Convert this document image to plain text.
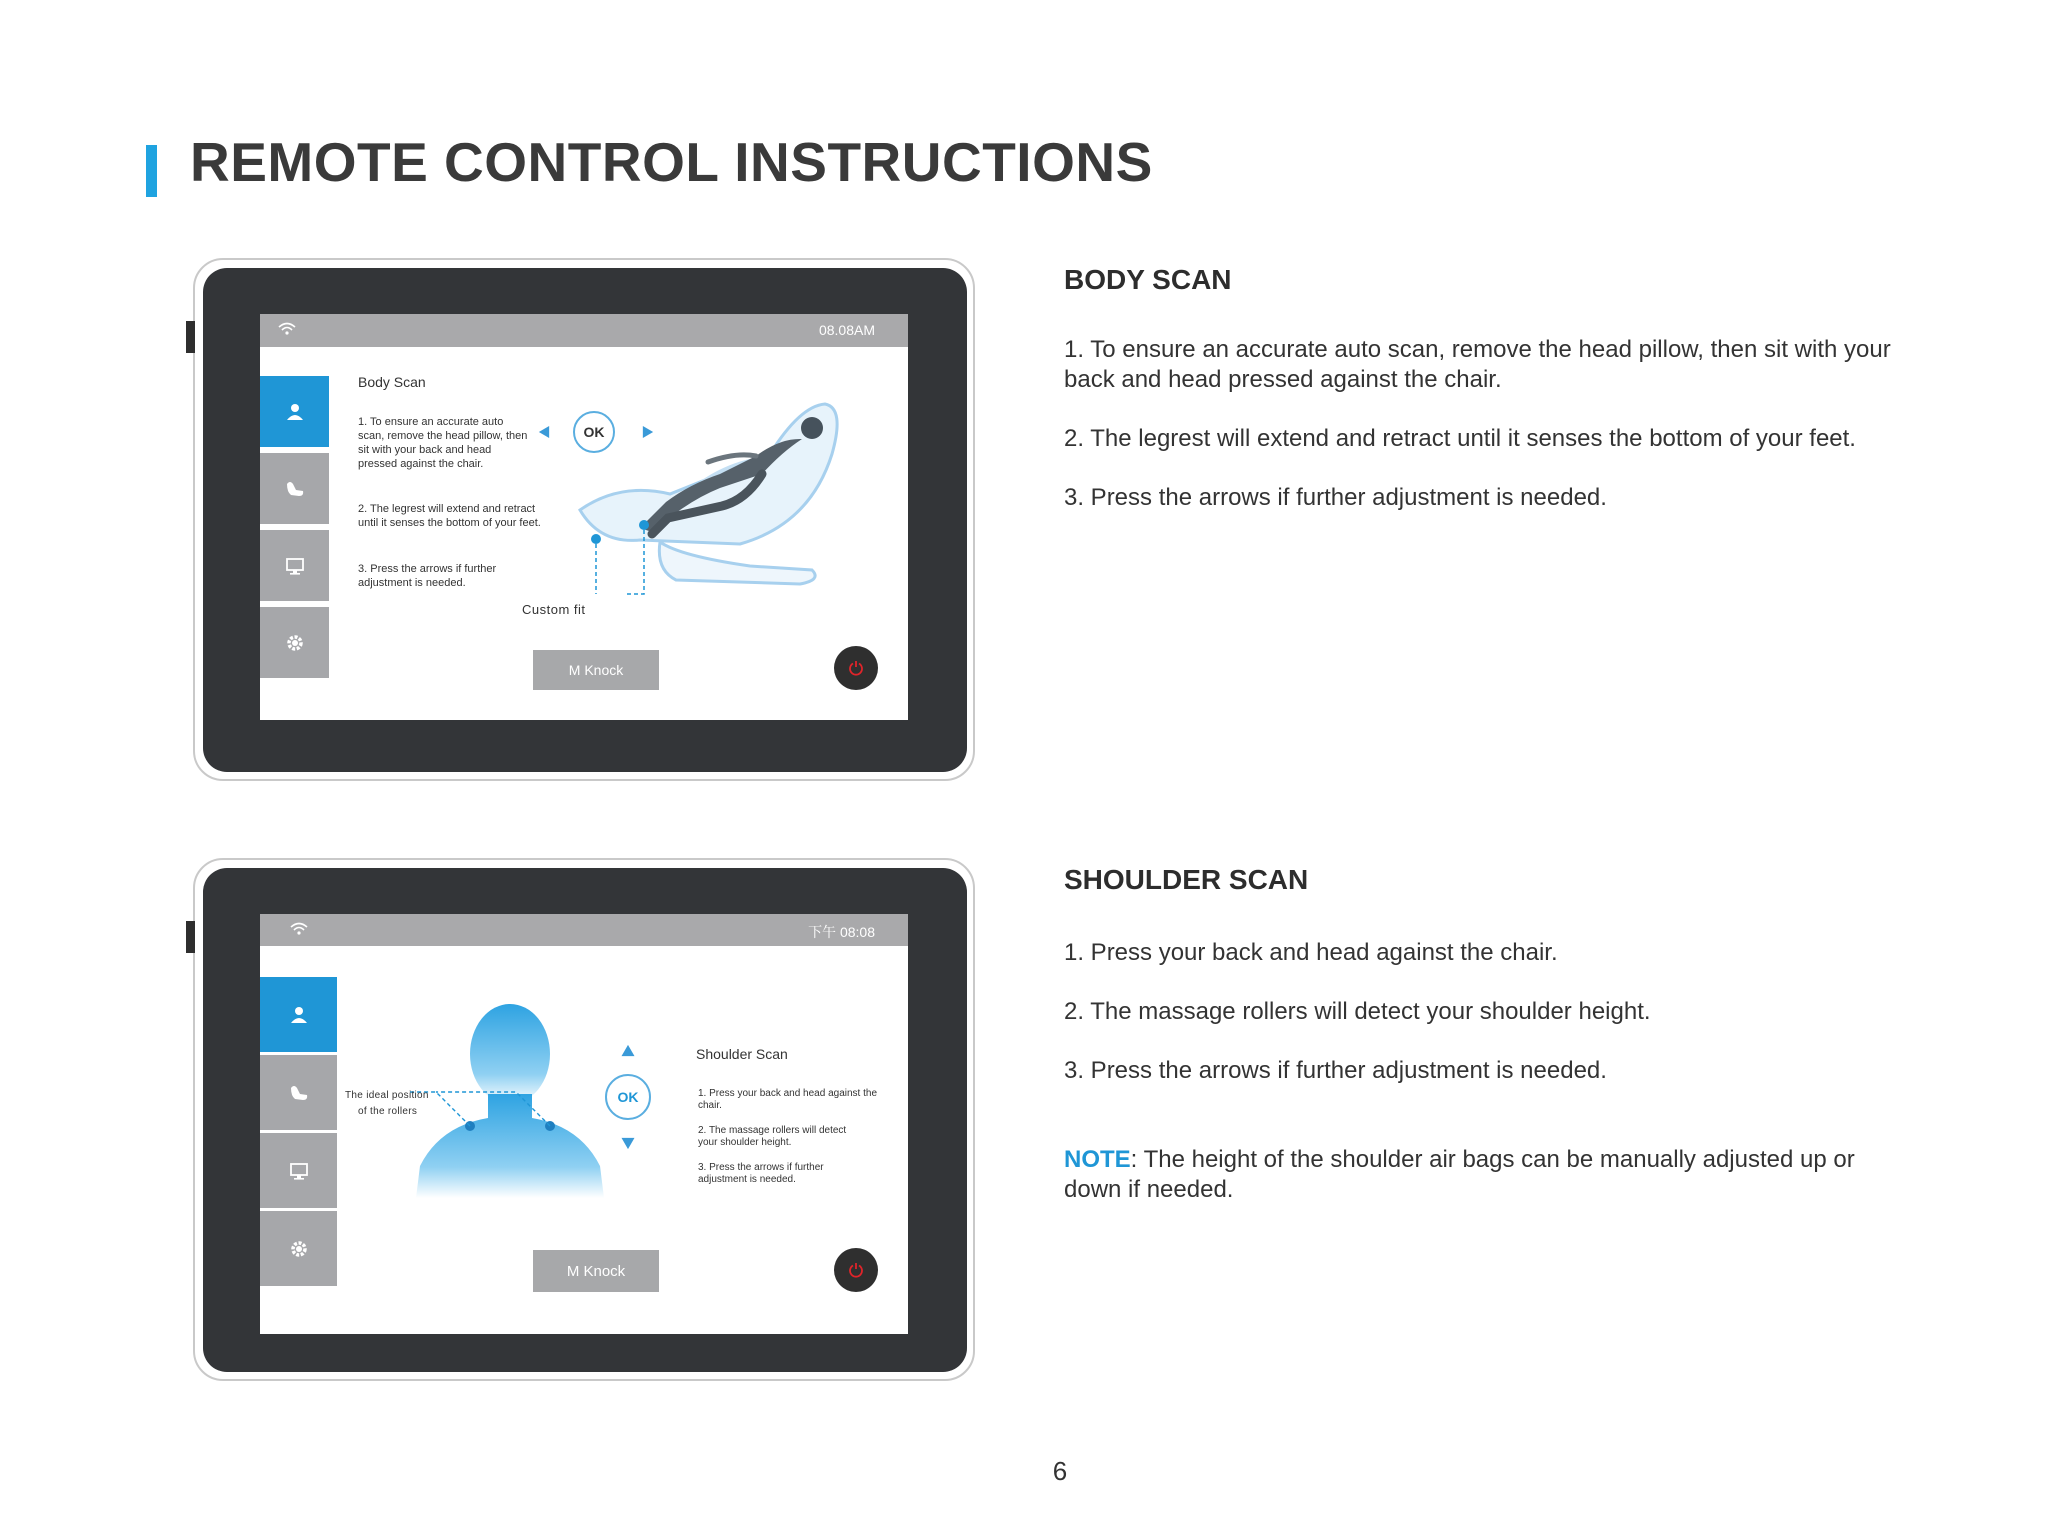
REMOTE CONTROL INSTRUCTIONS
08.08AM
Body Scan
1. To ensure an accurate auto scan, remove the head pillow, then sit with your back and head pressed against the chair.
2. The legrest will extend and retract until it senses the bottom of your feet.
3. Press the arrows if further adjustment is needed.
OK
Custom fit
M Knock
下午 08:08
The ideal position
of the rollers
OK
Shoulder Scan
1. Press your back and head against the chair.
2. The massage rollers will detect your shoulder height.
3. Press the arrows if further adjustment is needed.
M Knock
BODY SCAN
1. To ensure an accurate auto scan, remove the head pillow, then sit with your back and head pressed against the chair.
2. The legrest will extend and retract until it senses the bottom of your feet.
3. Press the arrows if further adjustment is needed.
SHOULDER SCAN
1. Press your back and head against the chair.
2. The massage rollers will detect your shoulder height.
3. Press the arrows if further adjustment is needed.
NOTE: The height of the shoulder air bags can be manually adjusted up or down if needed.
6
